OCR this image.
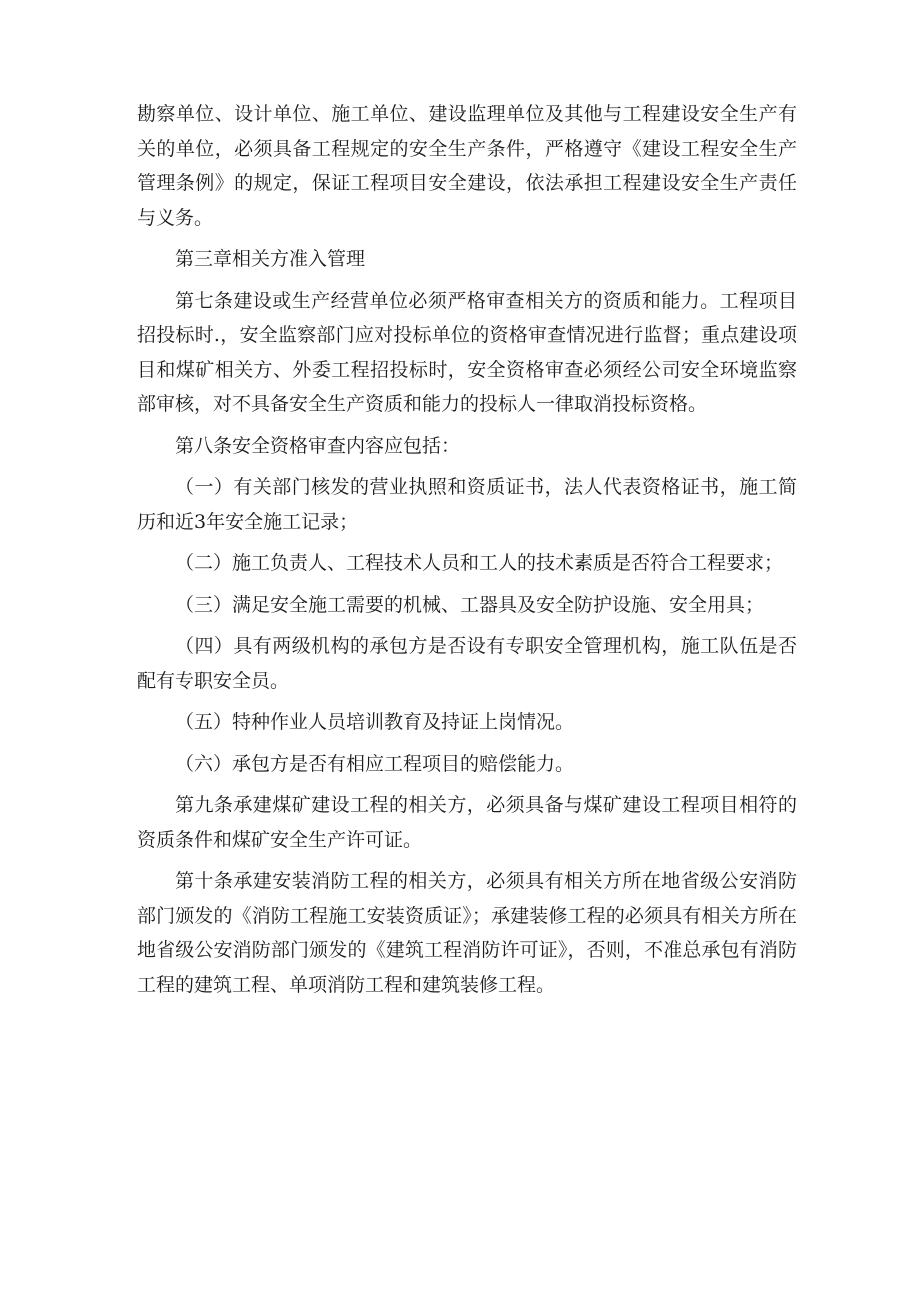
勘察单位、设计单位、施工单位、建设监理单位及其他与工程建设安全生产有关的单位，必须具备工程规定的安全生产条件，严格遵守《建设工程安全生产管理条例》的规定，保证工程项目安全建设，依法承担工程建设安全生产责任与义务。

第三章相关方准入管理

第七条建设或生产经营单位必须严格审查相关方的资质和能力。工程项目招投标时.，安全监察部门应对投标单位的资格审查情况进行监督；重点建设项目和煤矿相关方、外委工程招投标时，安全资格审查必须经公司安全环境监察部审核，对不具备安全生产资质和能力的投标人一律取消投标资格。

第八条安全资格审查内容应包括：

（一）有关部门核发的营业执照和资质证书，法人代表资格证书，施工简历和近3年安全施工记录；

（二）施工负责人、工程技术人员和工人的技术素质是否符合工程要求；

（三）满足安全施工需要的机械、工器具及安全防护设施、安全用具；

（四）具有两级机构的承包方是否设有专职安全管理机构，施工队伍是否配有专职安全员。

（五）特种作业人员培训教育及持证上岗情况。

（六）承包方是否有相应工程项目的赔偿能力。

第九条承建煤矿建设工程的相关方，必须具备与煤矿建设工程项目相符的资质条件和煤矿安全生产许可证。

第十条承建安装消防工程的相关方，必须具有相关方所在地省级公安消防部门颁发的《消防工程施工安装资质证》；承建装修工程的必须具有相关方所在地省级公安消防部门颁发的《建筑工程消防许可证》，否则，不准总承包有消防工程的建筑工程、单项消防工程和建筑装修工程。
